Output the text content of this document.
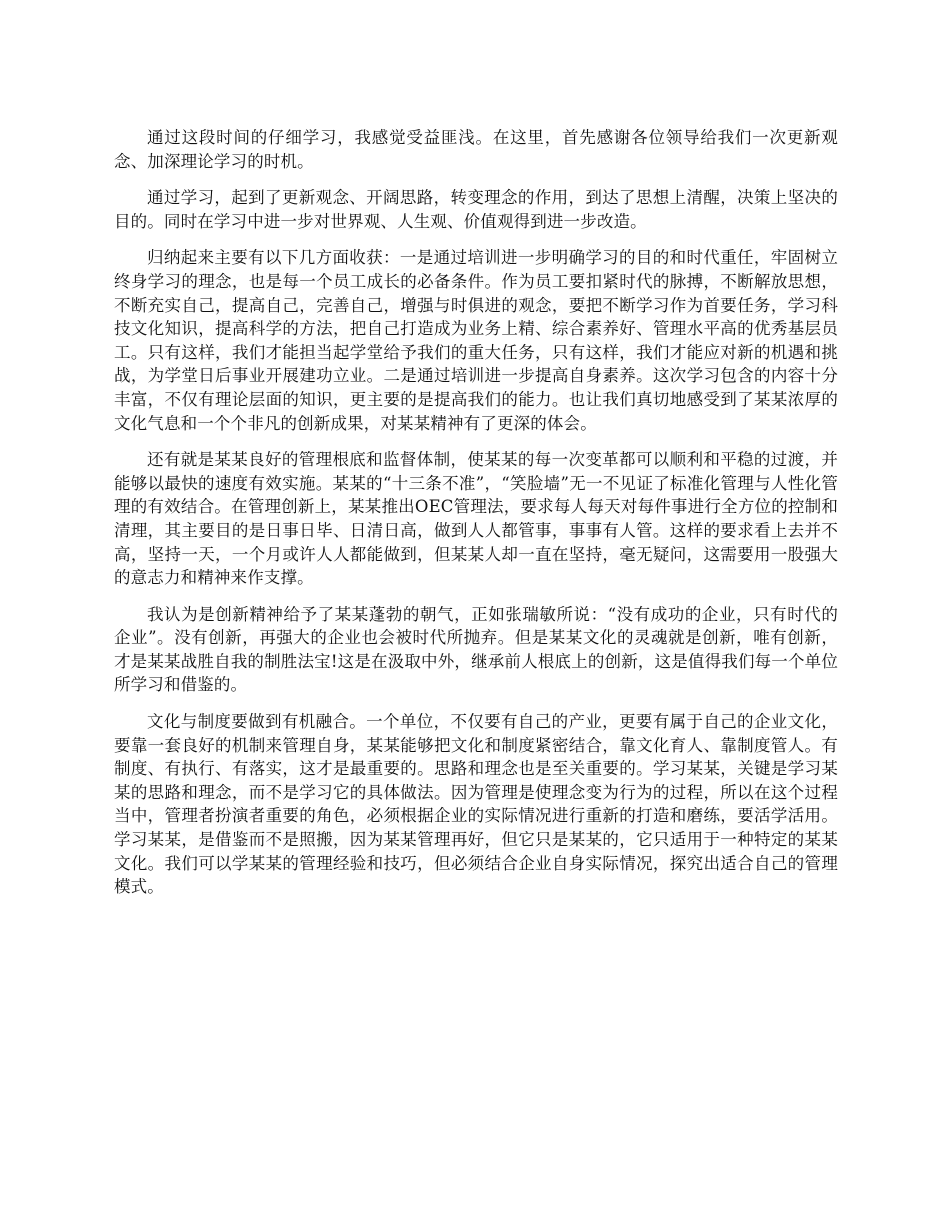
通过这段时间的仔细学习，我感觉受益匪浅。在这里，首先感谢各位领导给我们一次更新观念、加深理论学习的时机。

通过学习，起到了更新观念、开阔思路，转变理念的作用，到达了思想上清醒，决策上坚决的目的。同时在学习中进一步对世界观、人生观、价值观得到进一步改造。

归纳起来主要有以下几方面收获：一是通过培训进一步明确学习的目的和时代重任，牢固树立终身学习的理念，也是每一个员工成长的必备条件。作为员工要扣紧时代的脉搏，不断解放思想，不断充实自己，提高自己，完善自己，增强与时俱进的观念，要把不断学习作为首要任务，学习科技文化知识，提高科学的方法，把自己打造成为业务上精、综合素养好、管理水平高的优秀基层员工。只有这样，我们才能担当起学堂给予我们的重大任务，只有这样，我们才能应对新的机遇和挑战，为学堂日后事业开展建功立业。二是通过培训进一步提高自身素养。这次学习包含的内容十分丰富，不仅有理论层面的知识，更主要的是提高我们的能力。也让我们真切地感受到了某某浓厚的文化气息和一个个非凡的创新成果，对某某精神有了更深的体会。

还有就是某某良好的管理根底和监督体制，使某某的每一次变革都可以顺利和平稳的过渡，并能够以最快的速度有效实施。某某的“十三条不准”，“笑脸墙”无一不见证了标准化管理与人性化管理的有效结合。在管理创新上，某某推出OEC管理法，要求每人每天对每件事进行全方位的控制和清理，其主要目的是日事日毕、日清日高，做到人人都管事，事事有人管。这样的要求看上去并不高，坚持一天，一个月或许人人都能做到，但某某人却一直在坚持，毫无疑问，这需要用一股强大的意志力和精神来作支撑。

我认为是创新精神给予了某某蓬勃的朝气，正如张瑞敏所说：“没有成功的企业，只有时代的企业”。没有创新，再强大的企业也会被时代所抛弃。但是某某文化的灵魂就是创新，唯有创新，才是某某战胜自我的制胜法宝!这是在汲取中外，继承前人根底上的创新，这是值得我们每一个单位所学习和借鉴的。

文化与制度要做到有机融合。一个单位，不仅要有自己的产业，更要有属于自己的企业文化，要靠一套良好的机制来管理自身，某某能够把文化和制度紧密结合，靠文化育人、靠制度管人。有制度、有执行、有落实，这才是最重要的。思路和理念也是至关重要的。学习某某，关键是学习某某的思路和理念，而不是学习它的具体做法。因为管理是使理念变为行为的过程，所以在这个过程当中，管理者扮演者重要的角色，必须根据企业的实际情况进行重新的打造和磨练，要活学活用。学习某某，是借鉴而不是照搬，因为某某管理再好，但它只是某某的，它只适用于一种特定的某某文化。我们可以学某某的管理经验和技巧，但必须结合企业自身实际情况，探究出适合自己的管理模式。
